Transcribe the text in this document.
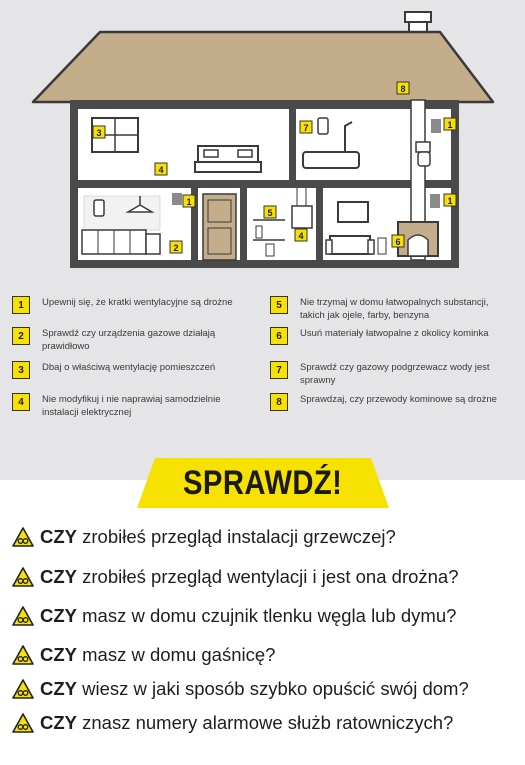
1
1	1
2
3
4
4
5
6
7
8
1	Upewnij się, że kratki wentylacyjne są drożne
2	Sprawdź czy urządzenia gazowe działają prawidłowo
3	Dbaj o właściwą wentylację pomieszczeń
4	Nie modyfikuj i nie naprawiaj samodzielnie instalacji elektrycznej
5	Nie trzymaj w domu łatwopalnych substancji, takich jak ojele, farby, benzyna
6	Usuń materiały łatwopalne z okolicy kominka
7	Sprawdź czy gazowy podgrzewacz wody jest sprawny
8	Sprawdzaj, czy przewody kominowe są drożne
SPRAWDŹ!
CZY zrobiłeś przegląd instalacji grzewczej?
CZY zrobiłeś przegląd wentylacji i jest ona drożna?
CZY masz w domu czujnik tlenku węgla lub dymu?
CZY masz w domu gaśnicę?
CZY wiesz w jaki sposób szybko opuścić swój dom?
CZY znasz numery alarmowe służb ratowniczych?
